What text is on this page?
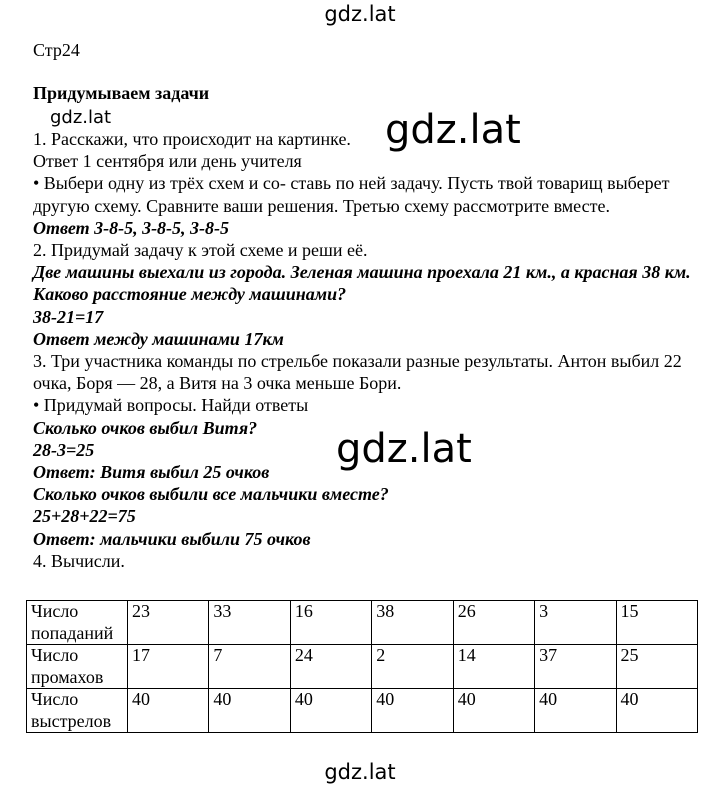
gdz.lat
Стр24
Придумываем задачи
gdz.lat	gdz.lat

1. Расскажи, что происходит на картинке.

Ответ 1 сентября или день учителя

• Выбери одну из трёх схем и со- ставь по ней задачу. Пусть твой товарищ выберет другую схему. Сравните ваши решения. Третью схему рассмотрите вместе.

Ответ 3-8-5, 3-8-5, 3-8-5

2. Придумай задачу к этой схеме и реши её.

Две машины выехали из города. Зеленая машина проехала 21 км., а красная 38 км. Каково расстояние между машинами?

38-21=17

Ответ между машинами 17км

3. Три участника команды по стрельбе показали разные результаты. Антон выбил 22 очка, Боря — 28, а Витя на 3 очка меньше Бори.

• Придумай вопросы. Найди ответы

Сколько очков выбил Витя?

28-3=25

Ответ: Витя выбил 25 очков

Сколько очков выбили все мальчики вместе?

25+28+22=75

Ответ: мальчики выбили 75 очков

4. Вычисли.

gdz.lat
Число
попаданий	23	33	16	38	26	3	15
Число
промахов	17	7	24	2	14	37	25
Число
выстрелов	40	40	40	40	40	40	40
gdz.lat
